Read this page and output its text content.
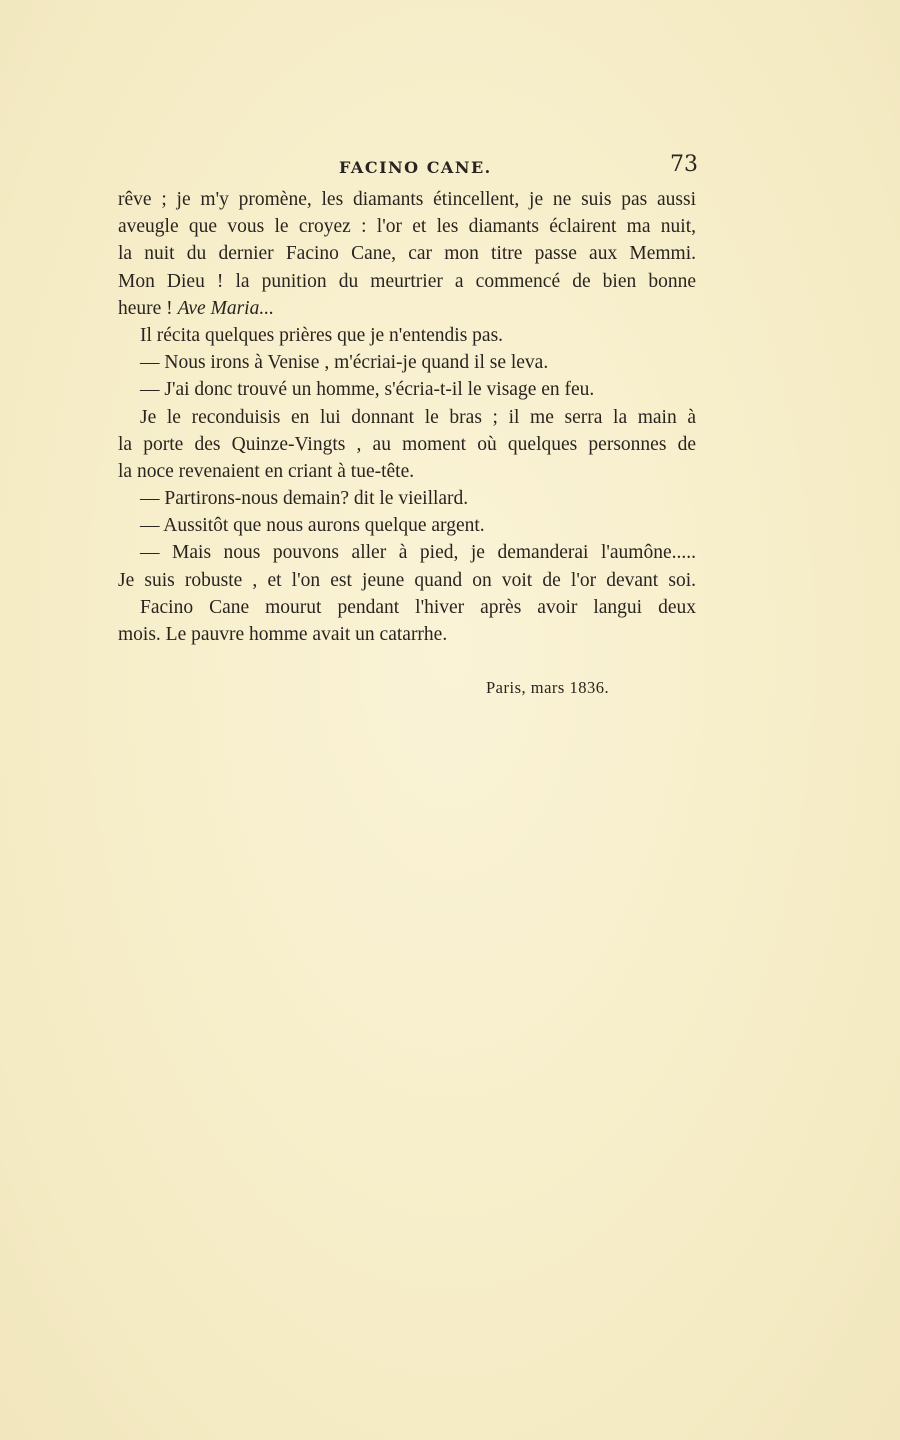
FACINO CANE.	73
rêve ; je m'y promène, les diamants étincellent, je ne suis pas aussi
aveugle que vous le croyez : l'or et les diamants éclairent ma nuit,
la nuit du dernier Facino Cane, car mon titre passe aux Memmi.
Mon Dieu ! la punition du meurtrier a commencé de bien bonne
heure ! Ave Maria...
Il récita quelques prières que je n'entendis pas.
— Nous irons à Venise , m'écriai-je quand il se leva.
— J'ai donc trouvé un homme, s'écria-t-il le visage en feu.
Je le reconduisis en lui donnant le bras ; il me serra la main à
la porte des Quinze-Vingts , au moment où quelques personnes de
la noce revenaient en criant à tue-tête.
— Partirons-nous demain? dit le vieillard.
— Aussitôt que nous aurons quelque argent.
— Mais nous pouvons aller à pied, je demanderai l'aumône.....
Je suis robuste , et l'on est jeune quand on voit de l'or devant soi.
Facino Cane mourut pendant l'hiver après avoir langui deux
mois. Le pauvre homme avait un catarrhe.
Paris, mars 1836.
